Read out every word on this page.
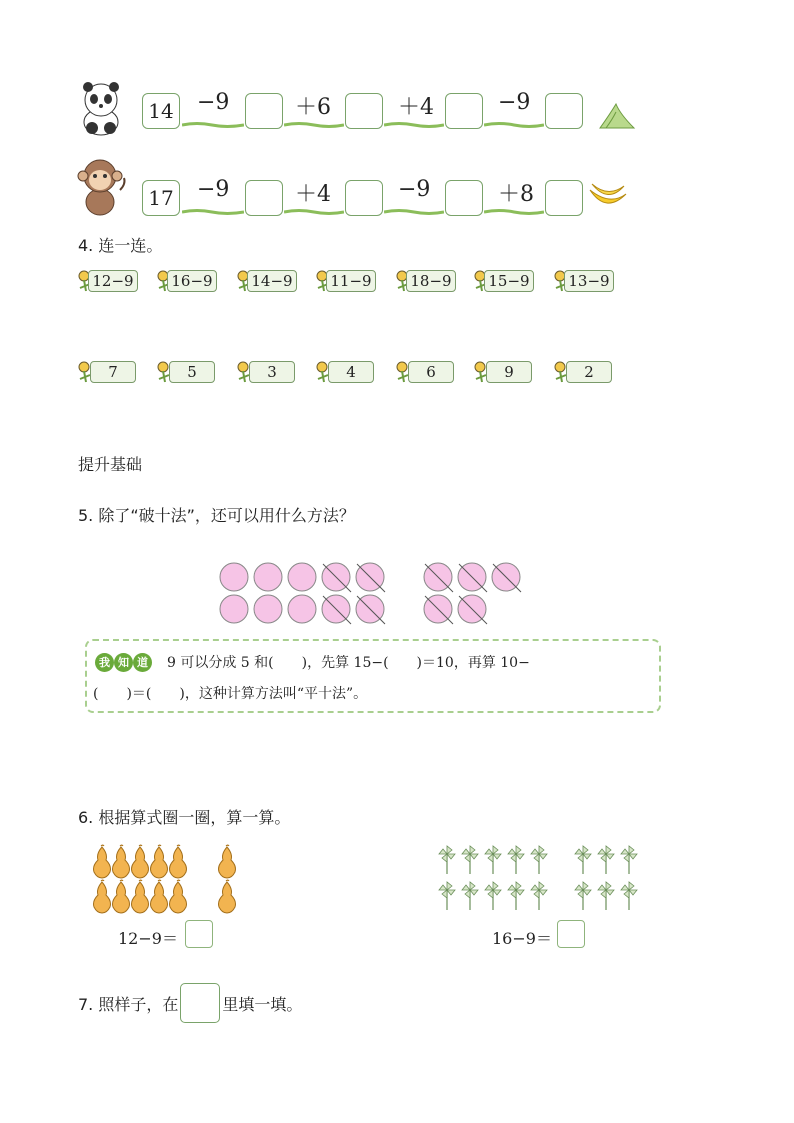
14 −9	＋6	＋4	−9
17 −9	＋4	−9	＋8
4. 连一连。
12−9	16−9	14−9	11−9	18−9 15−9	13−9
7	5	3	4	6	9	2
提升基础
5. 除了“破十法”，还可以用什么方法？
我 知 道 9 可以分成 5 和(　　)，先算 15−(　　)＝10，再算 10−
(　　)＝(　　)，这种计算方法叫“平十法”。
6. 根据算式圈一圈，算一算。
12−9＝	16−9＝
7. 照样子，在	里填一填。
